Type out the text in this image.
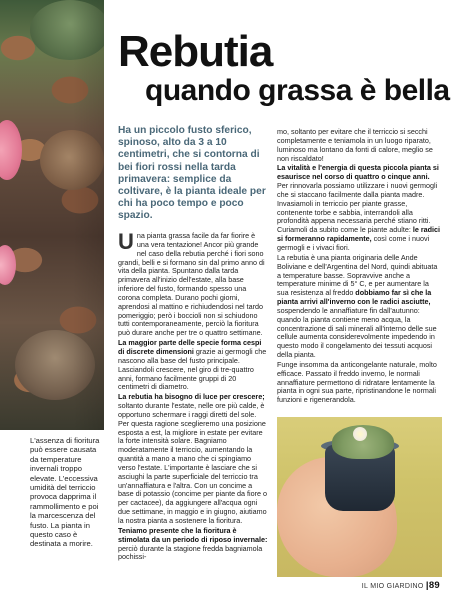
L'assenza di fioritura può essere causata da temperature invernali troppo elevate. L'eccessiva umidità del terriccio provoca dapprima il rammollimento e poi la marcescenza del fusto. La pianta in questo caso è destinata a morire.
Rebutia
quando grassa è bella
Ha un piccolo fusto sferico, spinoso, alto da 3 a 10 centimetri, che si contorna di bei fiori rossi nella tarda primavera: semplice da coltivare, è la pianta ideale per chi ha poco tempo e poco spazio.

Una pianta grassa facile da far fiorire è una vera tentazione! Ancor più grande nel caso della rebutia perché i fiori sono grandi, belli e si formano sin dal primo anno di vita della pianta. Spuntano dalla tarda primavera all'inizio dell'estate, alla base inferiore del fusto, formando spesso una corona completa. Durano pochi giorni, aprendosi al mattino e richiudendosi nel tardo pomeriggio; però i boccioli non si schiudono tutti contemporaneamente, perciò la fioritura può durare anche per tre o quattro settimane.

La maggior parte delle specie forma cespi di discrete dimensioni grazie ai germogli che nascono alla base del fusto principale. Lasciandoli crescere, nel giro di tre-quattro anni, formano facilmente gruppi di 20 centimetri di diametro.

La rebutia ha bisogno di luce per crescere; soltanto durante l'estate, nelle ore più calde, è opportuno schermare i raggi diretti del sole. Per questa ragione sceglieremo una posizione esposta a est, la migliore in estate per evitare la forte intensità solare. Bagniamo moderatamente il terriccio, aumentando la quantità a mano a mano che ci spingiamo verso l'estate. L'importante è lasciare che si asciughi la parte superficiale del terriccio tra un'annaffiatura e l'altra. Con un concime a base di potassio (concime per piante da fiore o per cactacee), da aggiungere all'acqua ogni due settimane, in maggio e in giugno, aiutiamo la nostra pianta a sostenere la fioritura.

Teniamo presente che la fioritura è stimolata da un periodo di riposo invernale: perciò durante la stagione fredda bagniamola pochissi-

mo, soltanto per evitare che il terriccio si secchi completamente e teniamola in un luogo riparato, luminoso ma lontano da fonti di calore, meglio se non riscaldato!

La vitalità e l'energia di questa piccola pianta si esaurisce nel corso di quattro o cinque anni. Per rinnovarla possiamo utilizzare i nuovi germogli che si staccano facilmente dalla pianta madre. Invasiamoli in terriccio per piante grasse, contenente torbe e sabbia, interrandoli alla profondità appena necessaria perché stiano ritti. Curiamoli da subito come le piante adulte: le radici si formeranno rapidamente, così come i nuovi germogli e i vivaci fiori.

La rebutia è una pianta originaria delle Ande Boliviane e dell'Argentina del Nord, quindi abituata a temperature basse. Sopravvive anche a temperature minime di 5° C, e per aumentare la sua resistenza al freddo dobbiamo far sì che la pianta arrivi all'inverno con le radici asciutte, sospendendo le annaffiature fin dall'autunno: quando la pianta contiene meno acqua, la concentrazione di sali minerali all'interno delle sue cellule aumenta considerevolmente impedendo in questo modo il congelamento dei tessuti acquosi della pianta.

Funge insomma da anticongelante naturale, molto efficace. Passato il freddo inverno, le normali annaffiature permettono di ridratare lentamente la pianta in ogni sua parte, ripristinandone le normali funzioni e rigenerandola.

IL MIO GIARDINO |89
